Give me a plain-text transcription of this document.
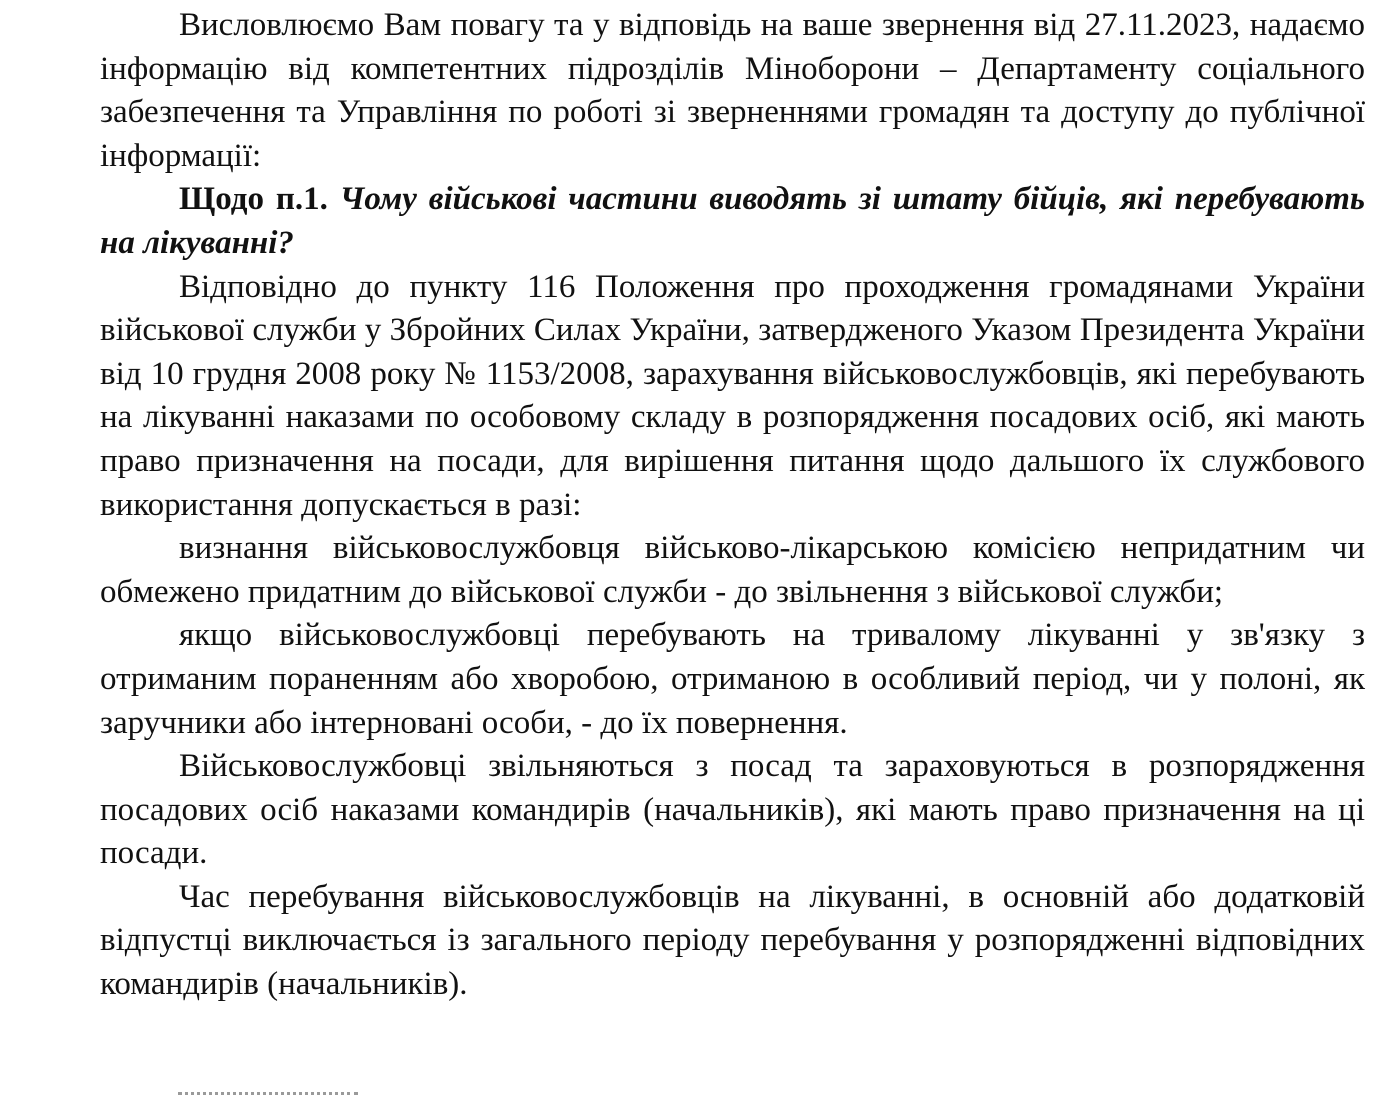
Висловлюємо Вам повагу та у відповідь на ваше звернення від 27.11.2023, надаємо інформацію від компетентних підрозділів Міноборони – Департаменту соціального забезпечення та Управління по роботі зі зверненнями громадян та доступу до публічної інформації:

Щодо п.1. Чому військові частини виводять зі штату бійців, які перебувають на лікуванні?

Відповідно до пункту 116 Положення про проходження громадянами України військової служби у Збройних Силах України, затвердженого Указом Президента України від 10 грудня 2008 року № 1153/2008, зарахування військовослужбовців, які перебувають на лікуванні наказами по особовому складу в розпорядження посадових осіб, які мають право призначення на посади, для вирішення питання щодо дальшого їх службового використання допускається в разі:

визнання військовослужбовця військово-лікарською комісією непридатним чи обмежено придатним до військової служби - до звільнення з військової служби;

якщо військовослужбовці перебувають на тривалому лікуванні у зв'язку з отриманим пораненням або хворобою, отриманою в особливий період, чи у полоні, як заручники або інтерновані особи, - до їх повернення.

Військовослужбовці звільняються з посад та зараховуються в розпорядження посадових осіб наказами командирів (начальників), які мають право призначення на ці посади.

Час перебування військовослужбовців на лікуванні, в основній або додатковій відпустці виключається із загального періоду перебування у розпорядженні відповідних командирів (начальників).
